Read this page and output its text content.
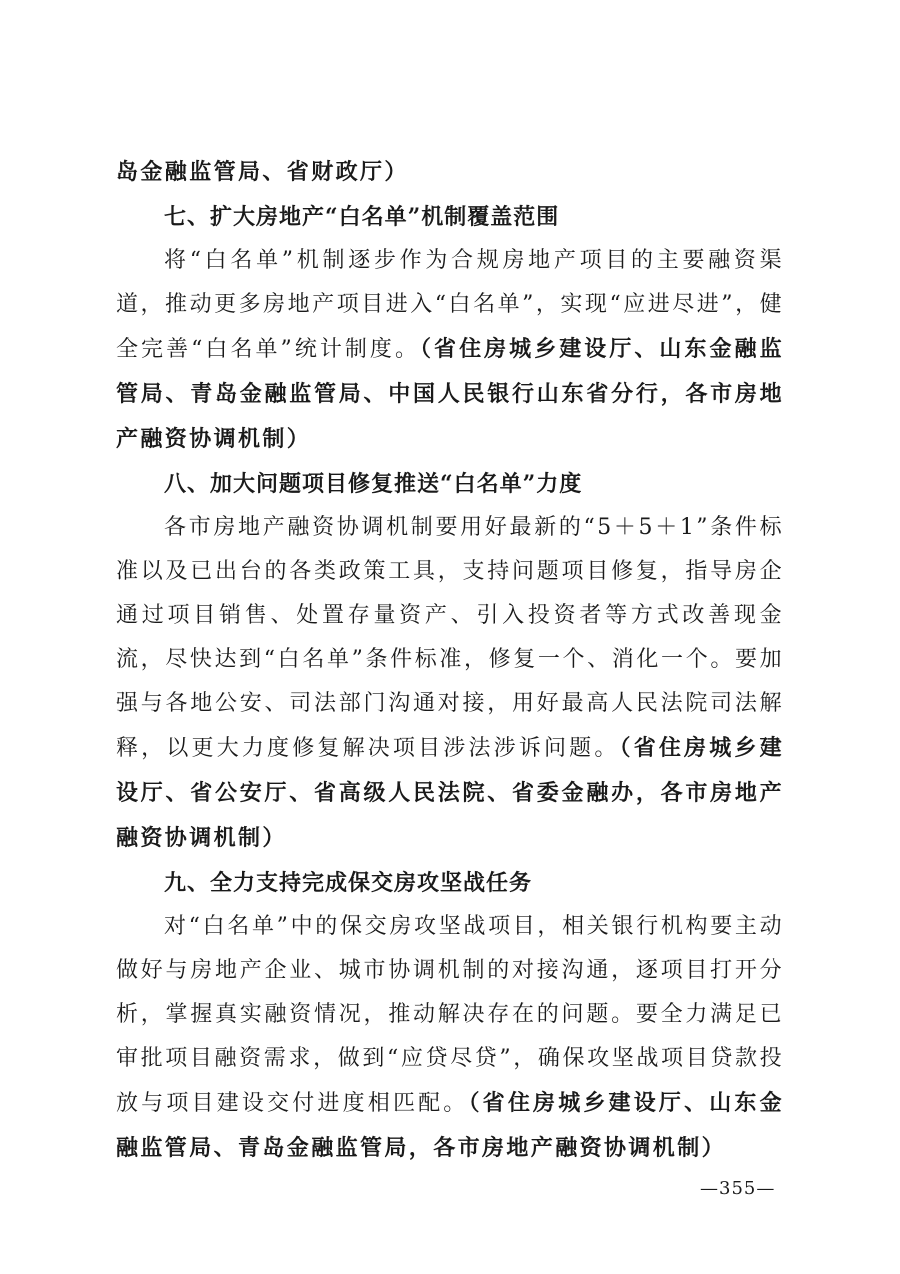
岛金融监管局、省财政厅）

七、扩大房地产“白名单”机制覆盖范围

将“白名单”机制逐步作为合规房地产项目的主要融资渠道，推动更多房地产项目进入“白名单”，实现“应进尽进”，健全完善“白名单”统计制度。（省住房城乡建设厅、山东金融监管局、青岛金融监管局、中国人民银行山东省分行，各市房地产融资协调机制）

八、加大问题项目修复推送“白名单”力度

各市房地产融资协调机制要用好最新的“5＋5＋1”条件标准以及已出台的各类政策工具，支持问题项目修复，指导房企通过项目销售、处置存量资产、引入投资者等方式改善现金流，尽快达到“白名单”条件标准，修复一个、消化一个。要加强与各地公安、司法部门沟通对接，用好最高人民法院司法解释，以更大力度修复解决项目涉法涉诉问题。（省住房城乡建设厅、省公安厅、省高级人民法院、省委金融办，各市房地产融资协调机制）

九、全力支持完成保交房攻坚战任务

对“白名单”中的保交房攻坚战项目，相关银行机构要主动做好与房地产企业、城市协调机制的对接沟通，逐项目打开分析，掌握真实融资情况，推动解决存在的问题。要全力满足已审批项目融资需求，做到“应贷尽贷”，确保攻坚战项目贷款投放与项目建设交付进度相匹配。（省住房城乡建设厅、山东金融监管局、青岛金融监管局，各市房地产融资协调机制）

—355—
